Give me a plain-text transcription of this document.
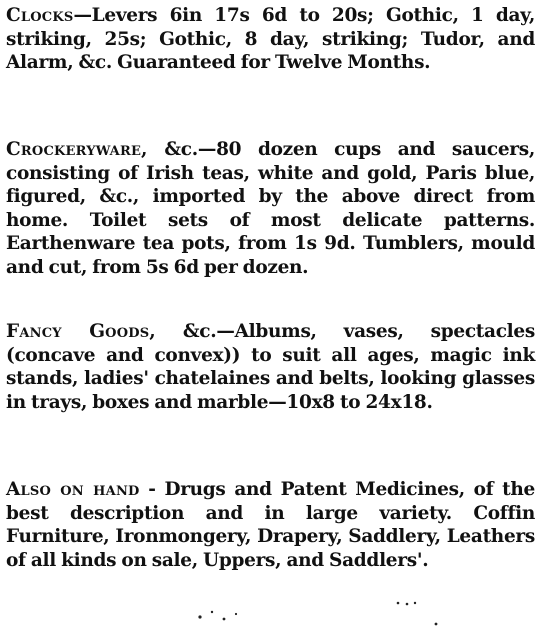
Clocks—Levers 6in 17s 6d to 20s; Gothic, 1 day, striking, 25s; Gothic, 8 day, striking; Tudor, and Alarm, &c. Guaranteed for Twelve Months.

Crockeryware, &c.—80 dozen cups and saucers, consisting of Irish teas, white and gold, Paris blue, figured, &c., imported by the above direct from home. Toilet sets of most delicate patterns. Earthenware tea pots, from 1s 9d. Tumblers, mould and cut, from 5s 6d per dozen.

Fancy Goods, &c.—Albums, vases, spectacles (concave and convex)) to suit all ages, magic ink stands, ladies' chatelaines and belts, looking glasses in trays, boxes and marble—10x8 to 24x18.

Also on hand - Drugs and Patent Medicines, of the best description and in large variety. Coffin Furniture, Ironmongery, Drapery, Saddlery, Leathers of all kinds on sale, Uppers, and Saddlers'.
